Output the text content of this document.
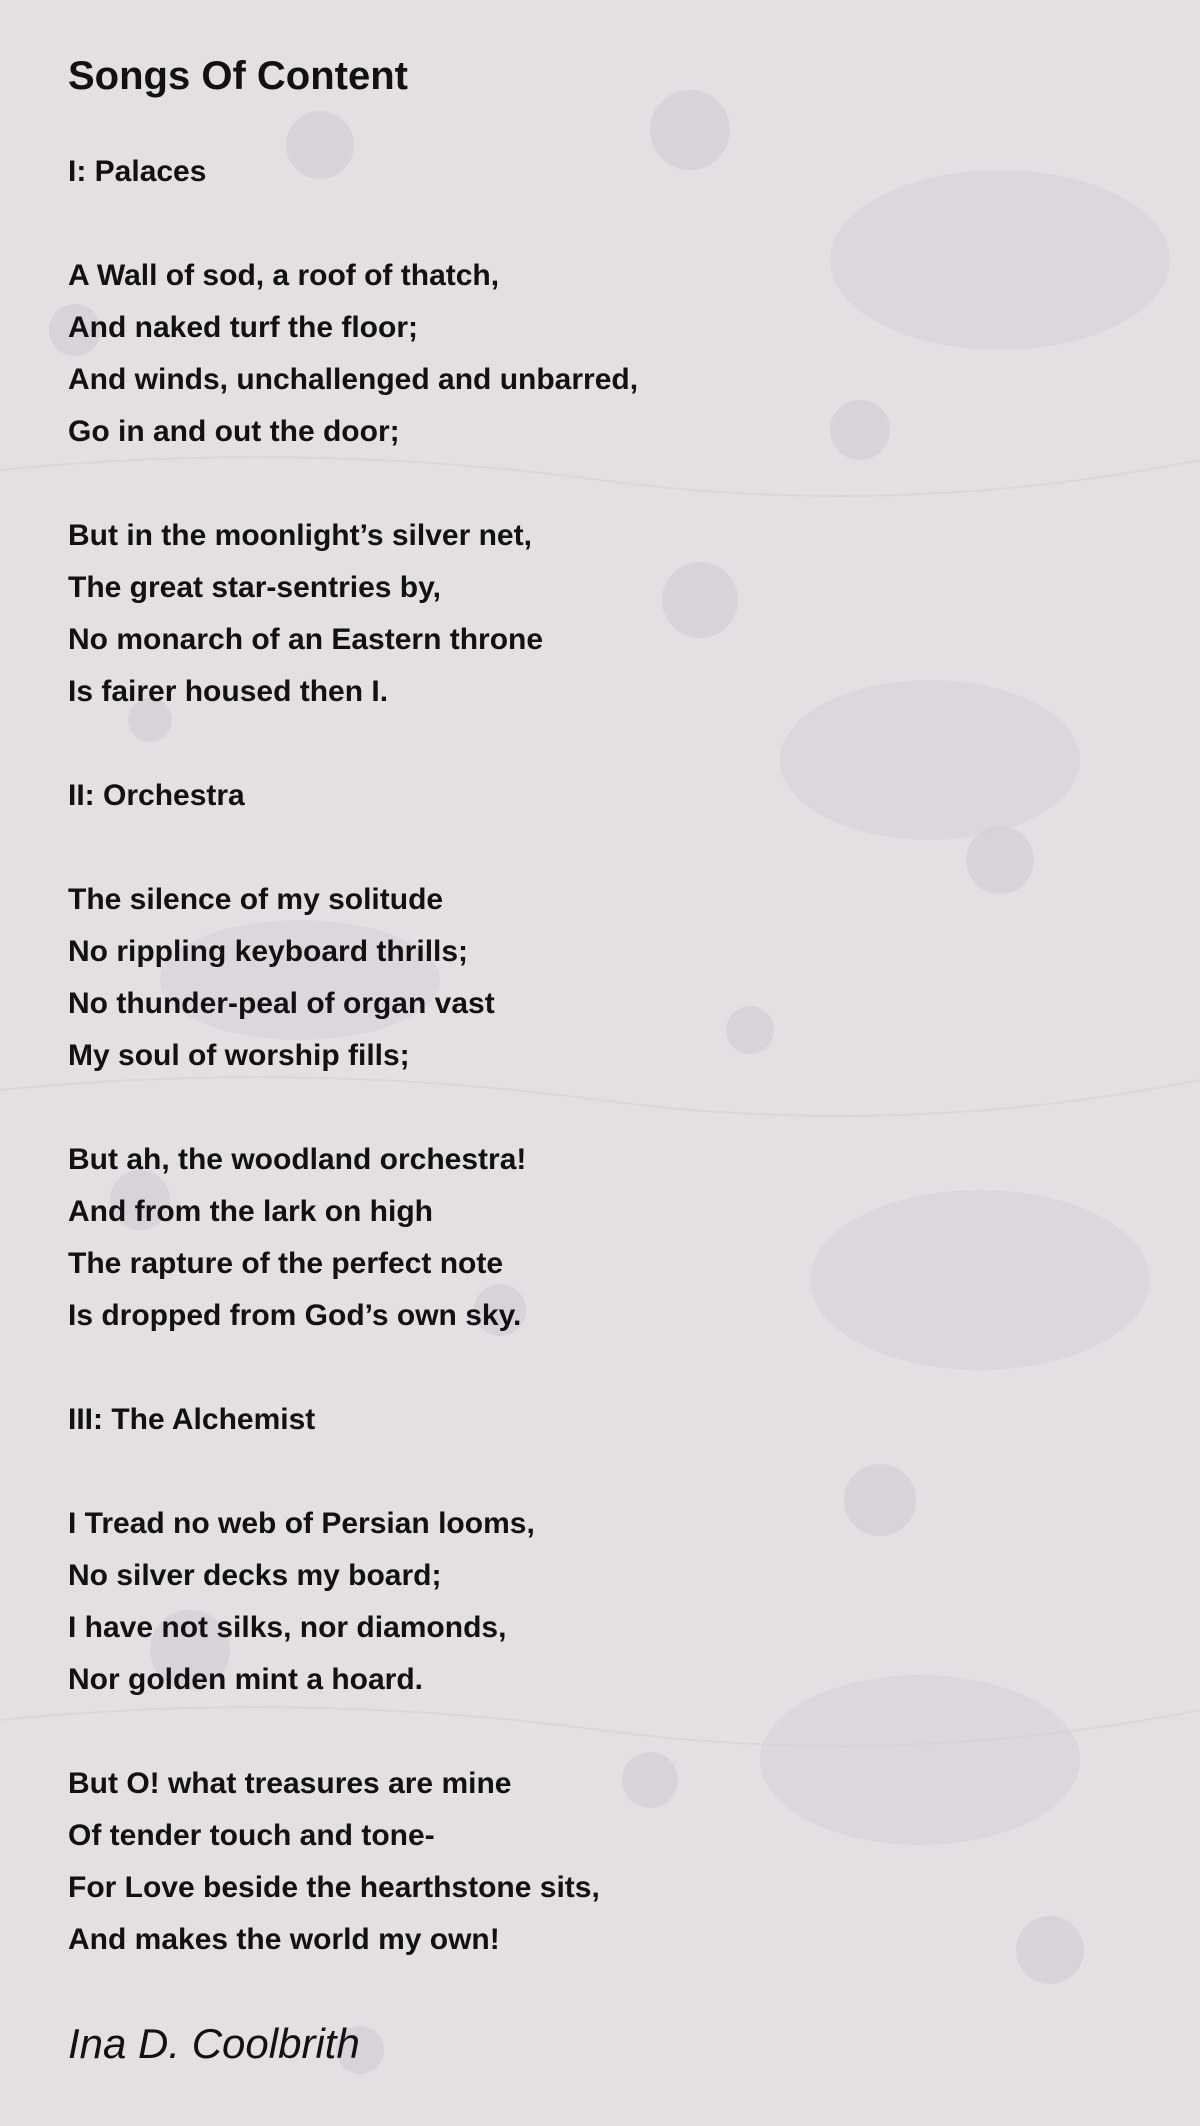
Songs Of Content
I: Palaces
A Wall of sod, a roof of thatch,
And naked turf the floor;
And winds, unchallenged and unbarred,
Go in and out the door;
But in the moonlight’s silver net,
The great star-sentries by,
No monarch of an Eastern throne
Is fairer housed then I.
II: Orchestra
The silence of my solitude
No rippling keyboard thrills;
No thunder-peal of organ vast
My soul of worship fills;
But ah, the woodland orchestra!
And from the lark on high
The rapture of the perfect note
Is dropped from God’s own sky.
III: The Alchemist
I Tread no web of Persian looms,
No silver decks my board;
I have not silks, nor diamonds,
Nor golden mint a hoard.
But O! what treasures are mine
Of tender touch and tone-
For Love beside the hearthstone sits,
And makes the world my own!
Ina D. Coolbrith
